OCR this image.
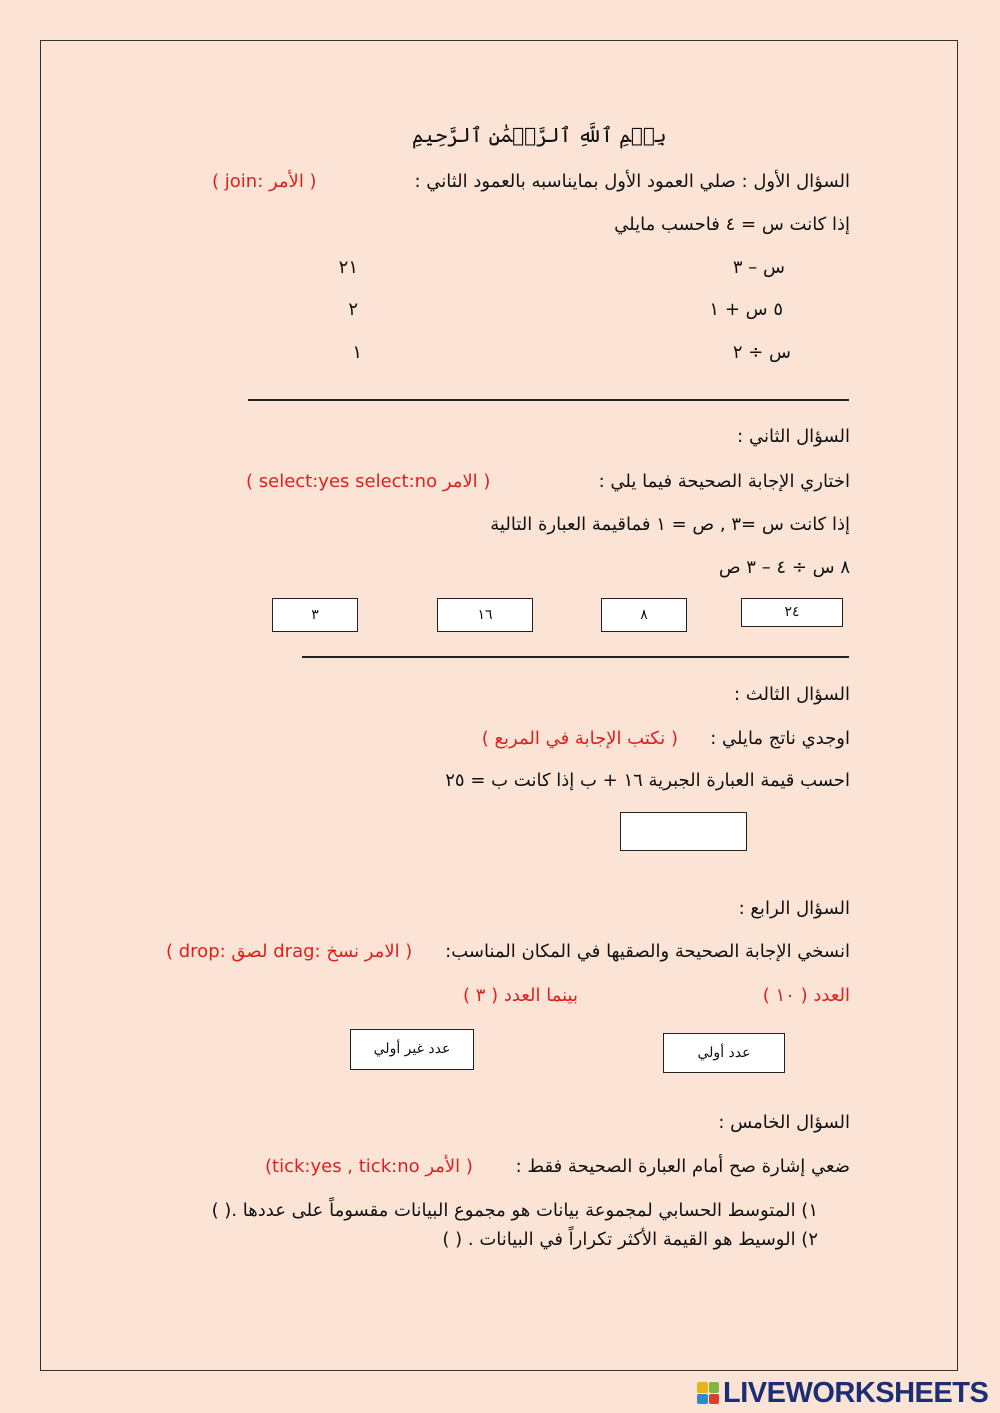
بِسۡمِ ٱللَّهِ ٱلرَّحۡمَٰنِ ٱلرَّحِيمِ
السؤال الأول : صلي العمود الأول بمايناسبه بالعمود الثاني :
( الأمر :join )
إذا كانت س = ٤ فاحسب مايلي
س – ٣
٥ س + ١
س ÷ ٢
٢١
٢
١
السؤال الثاني :
اختاري الإجابة الصحيحة فيما يلي :
( الامر select:yes select:no )
إذا كانت س =٣ , ص = ١ فماقيمة العبارة التالية
٨ س ÷ ٤ – ٣ ص
٢٤
٨
١٦
٣
السؤال الثالث :
اوجدي ناتج مايلي :
( نكتب الإجابة في المربع )
احسب قيمة العبارة الجبرية ١٦ + ب إذا كانت ب = ٢٥
السؤال الرابع :
انسخي الإجابة الصحيحة والصقيها في المكان المناسب:
( الامر نسخ :drag لصق :drop )
العدد ( ١٠ )
بينما العدد ( ٣ )
عدد أولي
عدد غير أولي
السؤال الخامس :
ضعي إشارة صح أمام العبارة الصحيحة فقط :
( الأمر tick:yes , tick:no)
١) المتوسط الحسابي لمجموعة بيانات هو مجموع البيانات مقسوماً على عددها .( )
٢) الوسيط هو القيمة الأكثر تكراراً في البيانات . ( )
LIVEWORKSHEETS
